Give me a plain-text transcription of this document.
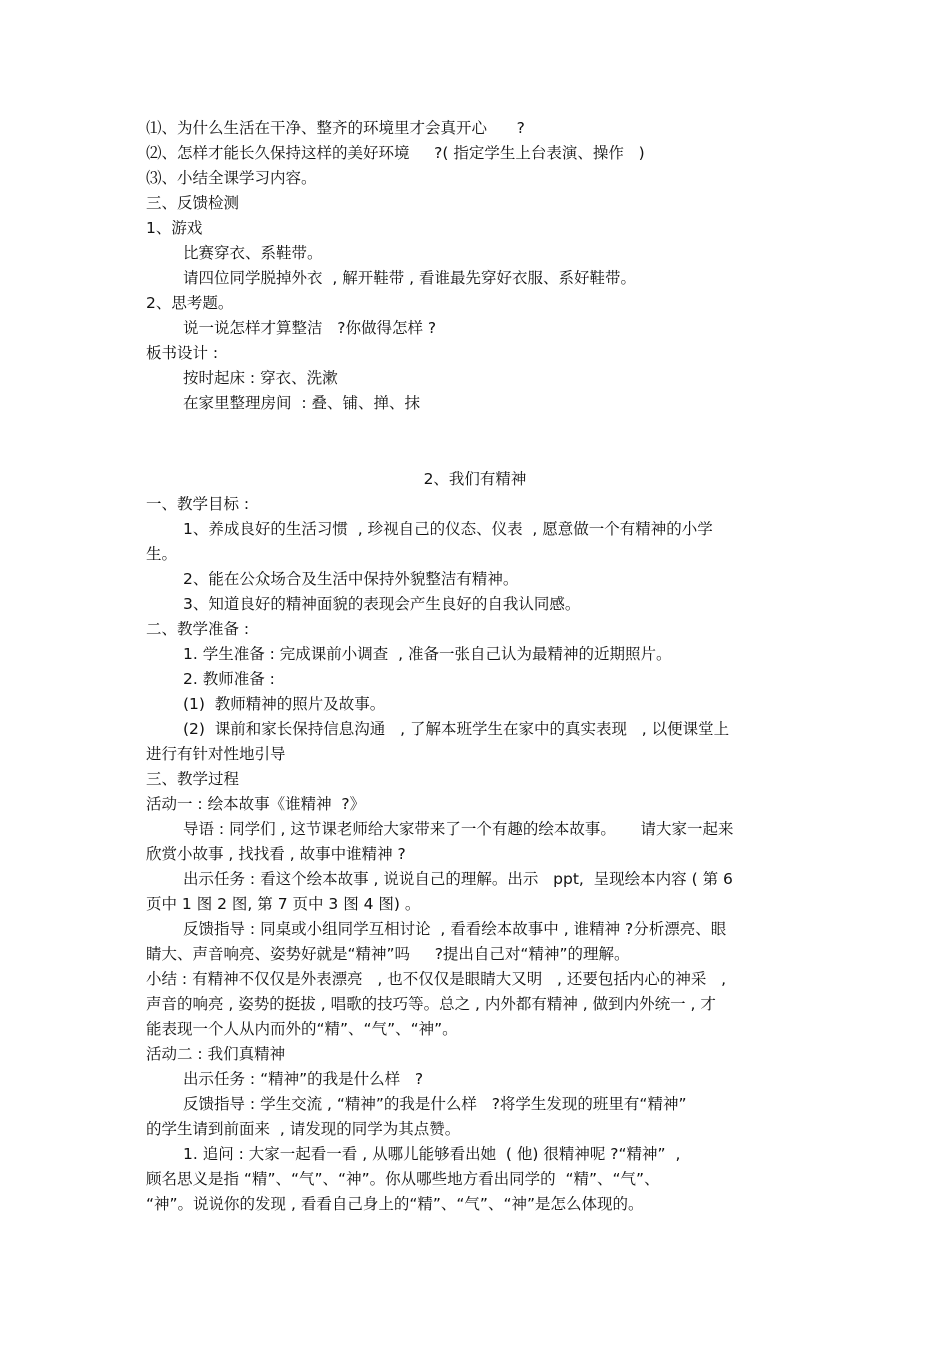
⑴、为什么生活在干净、整齐的环境里才会真开心      ?
⑵、怎样才能长久保持这样的美好环境     ?( 指定学生上台表演、操作   )
⑶、小结全课学习内容。
三、反馈检测
1、游戏
比赛穿衣、系鞋带。
请四位同学脱掉外衣  , 解开鞋带 , 看谁最先穿好衣服、系好鞋带。
2、思考题。
说一说怎样才算整洁   ?你做得怎样 ?
板书设计 :
按时起床 : 穿衣、洗漱
在家里整理房间  : 叠、铺、掸、抹
2、我们有精神
一、教学目标 :
1、养成良好的生活习惯  , 珍视自己的仪态、仪表  , 愿意做一个有精神的小学
生。
2、能在公众场合及生活中保持外貌整洁有精神。
3、知道良好的精神面貌的表现会产生良好的自我认同感。
二、教学准备 :
1. 学生准备 : 完成课前小调查  , 准备一张自己认为最精神的近期照片。
2. 教师准备 :
(1)  教师精神的照片及故事。
(2)  课前和家长保持信息沟通   , 了解本班学生在家中的真实表现   , 以便课堂上
进行有针对性地引导
三、教学过程
活动一 : 绘本故事《谁精神  ?》
导语 : 同学们 , 这节课老师给大家带来了一个有趣的绘本故事。     请大家一起来
欣赏小故事 , 找找看 , 故事中谁精神 ?
出示任务 : 看这个绘本故事 , 说说自己的理解。出示   ppt,  呈现绘本内容 ( 第 6
页中 1 图 2 图, 第 7 页中 3 图 4 图) 。
反馈指导 : 同桌或小组同学互相讨论  , 看看绘本故事中 , 谁精神 ?分析漂亮、眼
睛大、声音响亮、姿势好就是“精神”吗     ?提出自己对“精神”的理解。
小结 : 有精神不仅仅是外表漂亮   , 也不仅仅是眼睛大又明   , 还要包括内心的神采   ,
声音的响亮 , 姿势的挺拔 , 唱歌的技巧等。总之 , 内外都有精神 , 做到内外统一 , 才
能表现一个人从内而外的“精”、“气”、“神”。
活动二 : 我们真精神
出示任务 : “精神”的我是什么样   ?
反馈指导 : 学生交流 , “精神”的我是什么样   ?将学生发现的班里有“精神”
的学生请到前面来  , 请发现的同学为其点赞。
1. 追问 : 大家一起看一看 , 从哪儿能够看出她  ( 他) 很精神呢 ?“精神”  ,
顾名思义是指 “精”、“气”、“神”。你从哪些地方看出同学的  “精”、“气”、
“神”。说说你的发现 , 看看自己身上的“精”、“气”、“神”是怎么体现的。
